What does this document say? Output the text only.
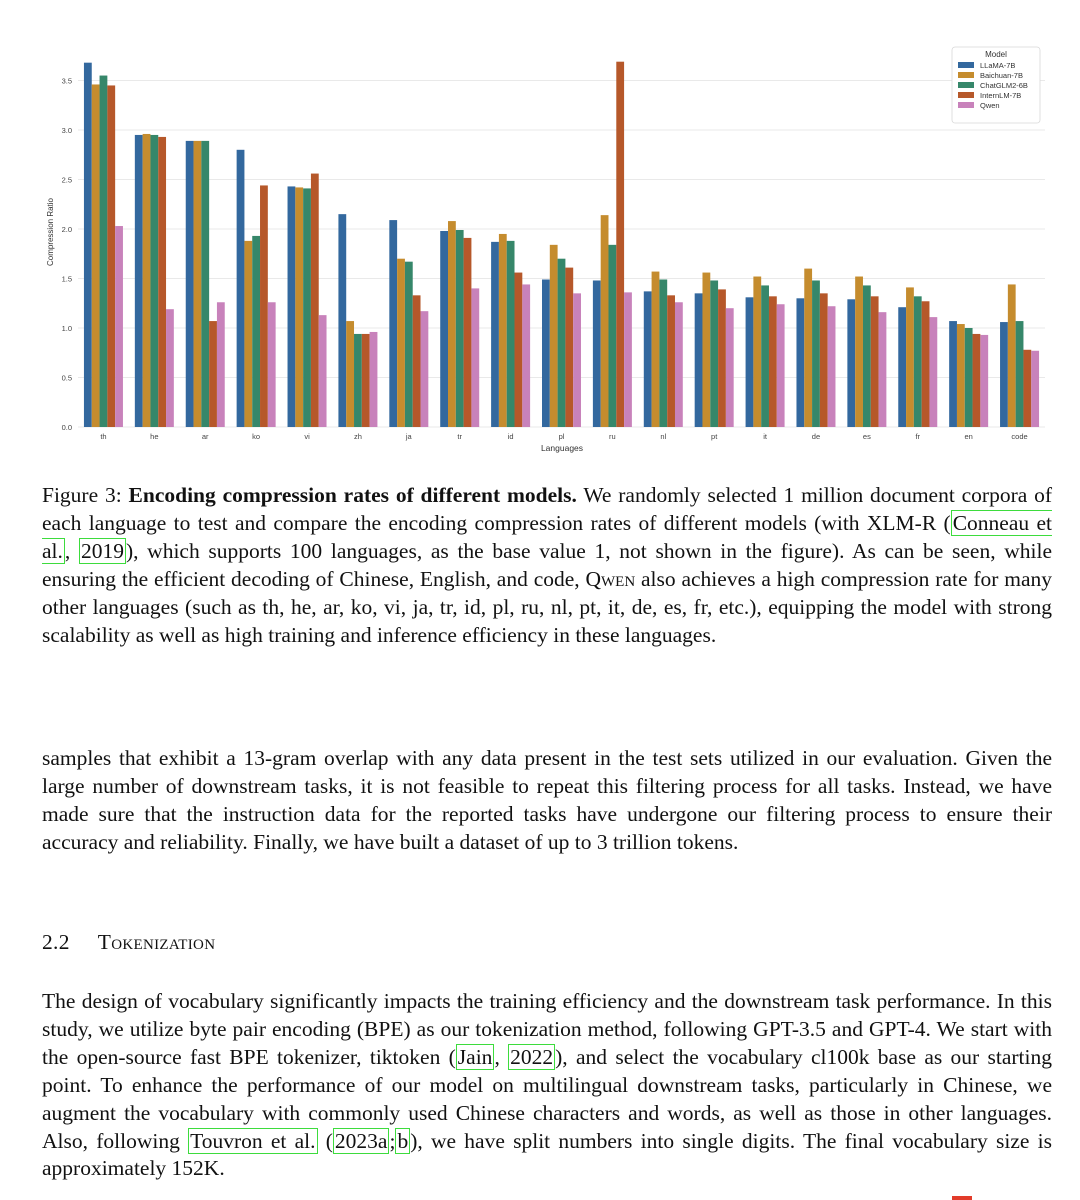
0.0
0.5
1.0
1.5
2.0
2.5
3.0
3.5
th	he	ar	ko	vi	zh	ja	tr	id	pl	ru	nl	pt	it	de	es	fr	en	code
Compression Ratio
Languages
Model
LLaMA-7B
Baichuan-7B
ChatGLM2-6B
InternLM-7B
Qwen
Figure 3: Encoding compression rates of different models. We randomly selected 1 million document corpora of each language to test and compare the encoding compression rates of different models (with XLM-R (Conneau et al., 2019), which supports 100 languages, as the base value 1, not shown in the figure). As can be seen, while ensuring the efficient decoding of Chinese, English, and code, Qwen also achieves a high compression rate for many other languages (such as th, he, ar, ko, vi, ja, tr, id, pl, ru, nl, pt, it, de, es, fr, etc.), equipping the model with strong scalability as well as high training and inference efficiency in these languages.
samples that exhibit a 13-gram overlap with any data present in the test sets utilized in our evaluation. Given the large number of downstream tasks, it is not feasible to repeat this filtering process for all tasks. Instead, we have made sure that the instruction data for the reported tasks have undergone our filtering process to ensure their accuracy and reliability. Finally, we have built a dataset of up to 3 trillion tokens.
2.2 Tokenization
The design of vocabulary significantly impacts the training efficiency and the downstream task performance. In this study, we utilize byte pair encoding (BPE) as our tokenization method, following GPT-3.5 and GPT-4. We start with the open-source fast BPE tokenizer, tiktoken (Jain, 2022), and select the vocabulary cl100k base as our starting point. To enhance the performance of our model on multilingual downstream tasks, particularly in Chinese, we augment the vocabulary with commonly used Chinese characters and words, as well as those in other languages. Also, following Touvron et al. (2023a;b), we have split numbers into single digits. The final vocabulary size is approximately 152K.
